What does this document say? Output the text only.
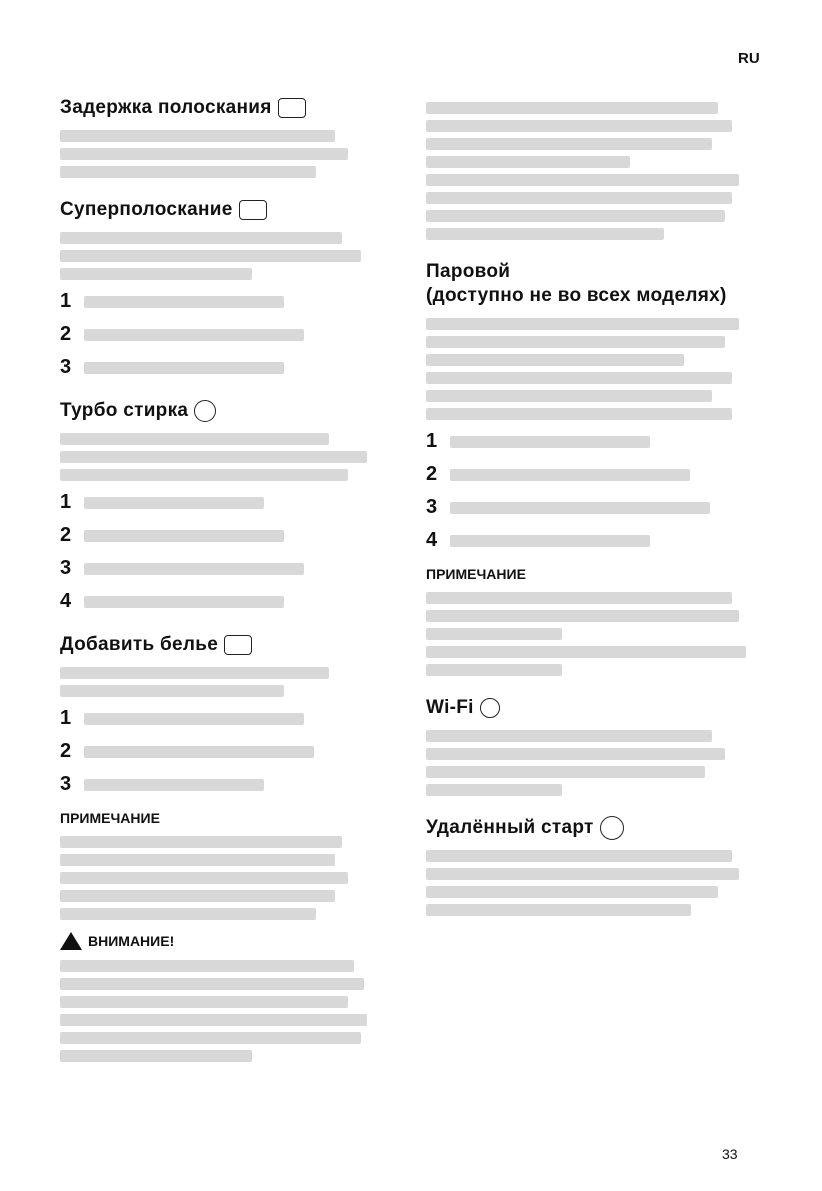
RU
Задержка полоскания
Суперполоскание
1
2
3
Турбо стирка
1
2
3
4
Добавить белье
1
2
3
ПРИМЕЧАНИЕ
ВНИМАНИЕ!
Паровой
(доступно не во всех моделях)
1
2
3
4
ПРИМЕЧАНИЕ
Wi-Fi
Удалённый старт
33
